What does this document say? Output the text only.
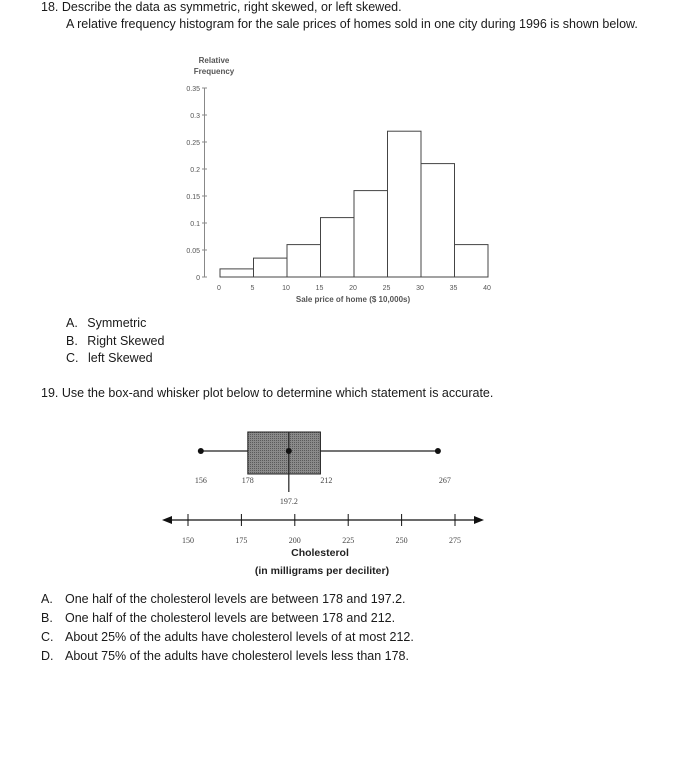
18. Describe the data as symmetric, right skewed, or left skewed.
A relative frequency histogram for the sale prices of homes sold in one city during 1996 is shown below.
Relative
Frequency
0
0.05
0.1
0.15
0.2
0.25
0.3
0.35
0	5	10	15	20	25	30	35	40
Sale price of home ($ 10,000s)
A. Symmetric
B. Right Skewed
C. left Skewed
19. Use the box-and whisker plot below to determine which statement is accurate.
156	178	212	267
197.2
150	175	200	225	250	275
Cholesterol
(in milligrams per deciliter)
A. One half of the cholesterol levels are between 178 and 197.2.
B. One half of the cholesterol levels are between 178 and 212.
C. About 25% of the adults have cholesterol levels of at most 212.
D. About 75% of the adults have cholesterol levels less than 178.
